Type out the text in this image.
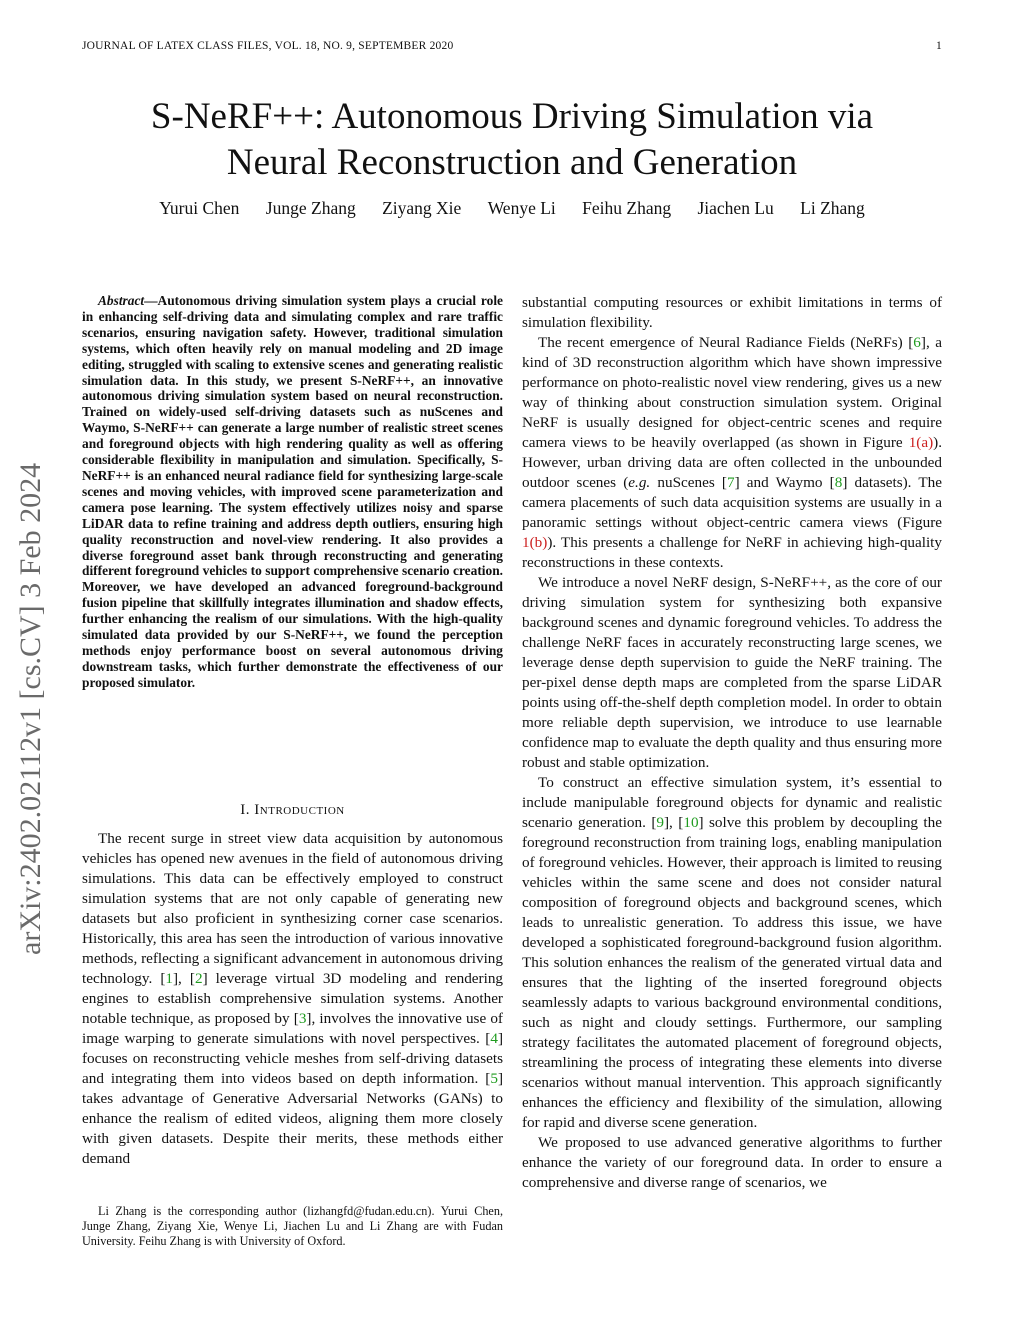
JOURNAL OF LATEX CLASS FILES, VOL. 18, NO. 9, SEPTEMBER 2020	1
S-NeRF++: Autonomous Driving Simulation via
Neural Reconstruction and Generation
Yurui Chen Junge Zhang Ziyang Xie Wenye Li Feihu Zhang Jiachen Lu Li Zhang
arXiv:2402.02112v1 [cs.CV] 3 Feb 2024

Abstract—Autonomous driving simulation system plays a crucial role in enhancing self-driving data and simulating complex and rare traffic scenarios, ensuring navigation safety. However, traditional simulation systems, which often heavily rely on manual modeling and 2D image editing, struggled with scaling to extensive scenes and generating realistic simulation data. In this study, we present S-NeRF++, an innovative autonomous driving simulation system based on neural reconstruction. Trained on widely-used self-driving datasets such as nuScenes and Waymo, S-NeRF++ can generate a large number of realistic street scenes and foreground objects with high rendering quality as well as offering considerable flexibility in manipulation and simulation. Specifically, S-NeRF++ is an enhanced neural radiance field for synthesizing large-scale scenes and moving vehicles, with improved scene parameterization and camera pose learning. The system effectively utilizes noisy and sparse LiDAR data to refine training and address depth outliers, ensuring high quality reconstruction and novel-view rendering. It also provides a diverse foreground asset bank through reconstructing and generating different foreground vehicles to support comprehensive scenario creation. Moreover, we have developed an advanced foreground-background fusion pipeline that skillfully integrates illumination and shadow effects, further enhancing the realism of our simulations. With the high-quality simulated data provided by our S-NeRF++, we found the perception methods enjoy performance boost on several autonomous driving downstream tasks, which further demonstrate the effectiveness of our proposed simulator.

I. Introduction

The recent surge in street view data acquisition by autonomous vehicles has opened new avenues in the field of autonomous driving simulations. This data can be effectively employed to construct simulation systems that are not only capable of generating new datasets but also proficient in synthesizing corner case scenarios. Historically, this area has seen the introduction of various innovative methods, reflecting a significant advancement in autonomous driving technology. [1], [2] leverage virtual 3D modeling and rendering engines to establish comprehensive simulation systems. Another notable technique, as proposed by [3], involves the innovative use of image warping to generate simulations with novel perspectives. [4] focuses on reconstructing vehicle meshes from self-driving datasets and integrating them into videos based on depth information. [5] takes advantage of Generative Adversarial Networks (GANs) to enhance the realism of edited videos, aligning them more closely with given datasets. Despite their merits, these methods either demand

Li Zhang is the corresponding author (lizhangfd@fudan.edu.cn). Yurui Chen, Junge Zhang, Ziyang Xie, Wenye Li, Jiachen Lu and Li Zhang are with Fudan University. Feihu Zhang is with University of Oxford.

substantial computing resources or exhibit limitations in terms of simulation flexibility.

The recent emergence of Neural Radiance Fields (NeRFs) [6], a kind of 3D reconstruction algorithm which have shown impressive performance on photo-realistic novel view rendering, gives us a new way of thinking about construction simulation system. Original NeRF is usually designed for object-centric scenes and require camera views to be heavily overlapped (as shown in Figure 1(a)). However, urban driving data are often collected in the unbounded outdoor scenes (e.g. nuScenes [7] and Waymo [8] datasets). The camera placements of such data acquisition systems are usually in a panoramic settings without object-centric camera views (Figure 1(b)). This presents a challenge for NeRF in achieving high-quality reconstructions in these contexts.

We introduce a novel NeRF design, S-NeRF++, as the core of our driving simulation system for synthesizing both expansive background scenes and dynamic foreground vehicles. To address the challenge NeRF faces in accurately reconstructing large scenes, we leverage dense depth supervision to guide the NeRF training. The per-pixel dense depth maps are completed from the sparse LiDAR points using off-the-shelf depth completion model. In order to obtain more reliable depth supervision, we introduce to use learnable confidence map to evaluate the depth quality and thus ensuring more robust and stable optimization.

To construct an effective simulation system, it’s essential to include manipulable foreground objects for dynamic and realistic scenario generation. [9], [10] solve this problem by decoupling the foreground reconstruction from training logs, enabling manipulation of foreground vehicles. However, their approach is limited to reusing vehicles within the same scene and does not consider natural composition of foreground objects and background scenes, which leads to unrealistic generation. To address this issue, we have developed a sophisticated foreground-background fusion algorithm. This solution enhances the realism of the generated virtual data and ensures that the lighting of the inserted foreground objects seamlessly adapts to various background environmental conditions, such as night and cloudy settings. Furthermore, our sampling strategy facilitates the automated placement of foreground objects, streamlining the process of integrating these elements into diverse scenarios without manual intervention. This approach significantly enhances the efficiency and flexibility of the simulation, allowing for rapid and diverse scene generation.

We proposed to use advanced generative algorithms to further enhance the variety of our foreground data. In order to ensure a comprehensive and diverse range of scenarios, we
